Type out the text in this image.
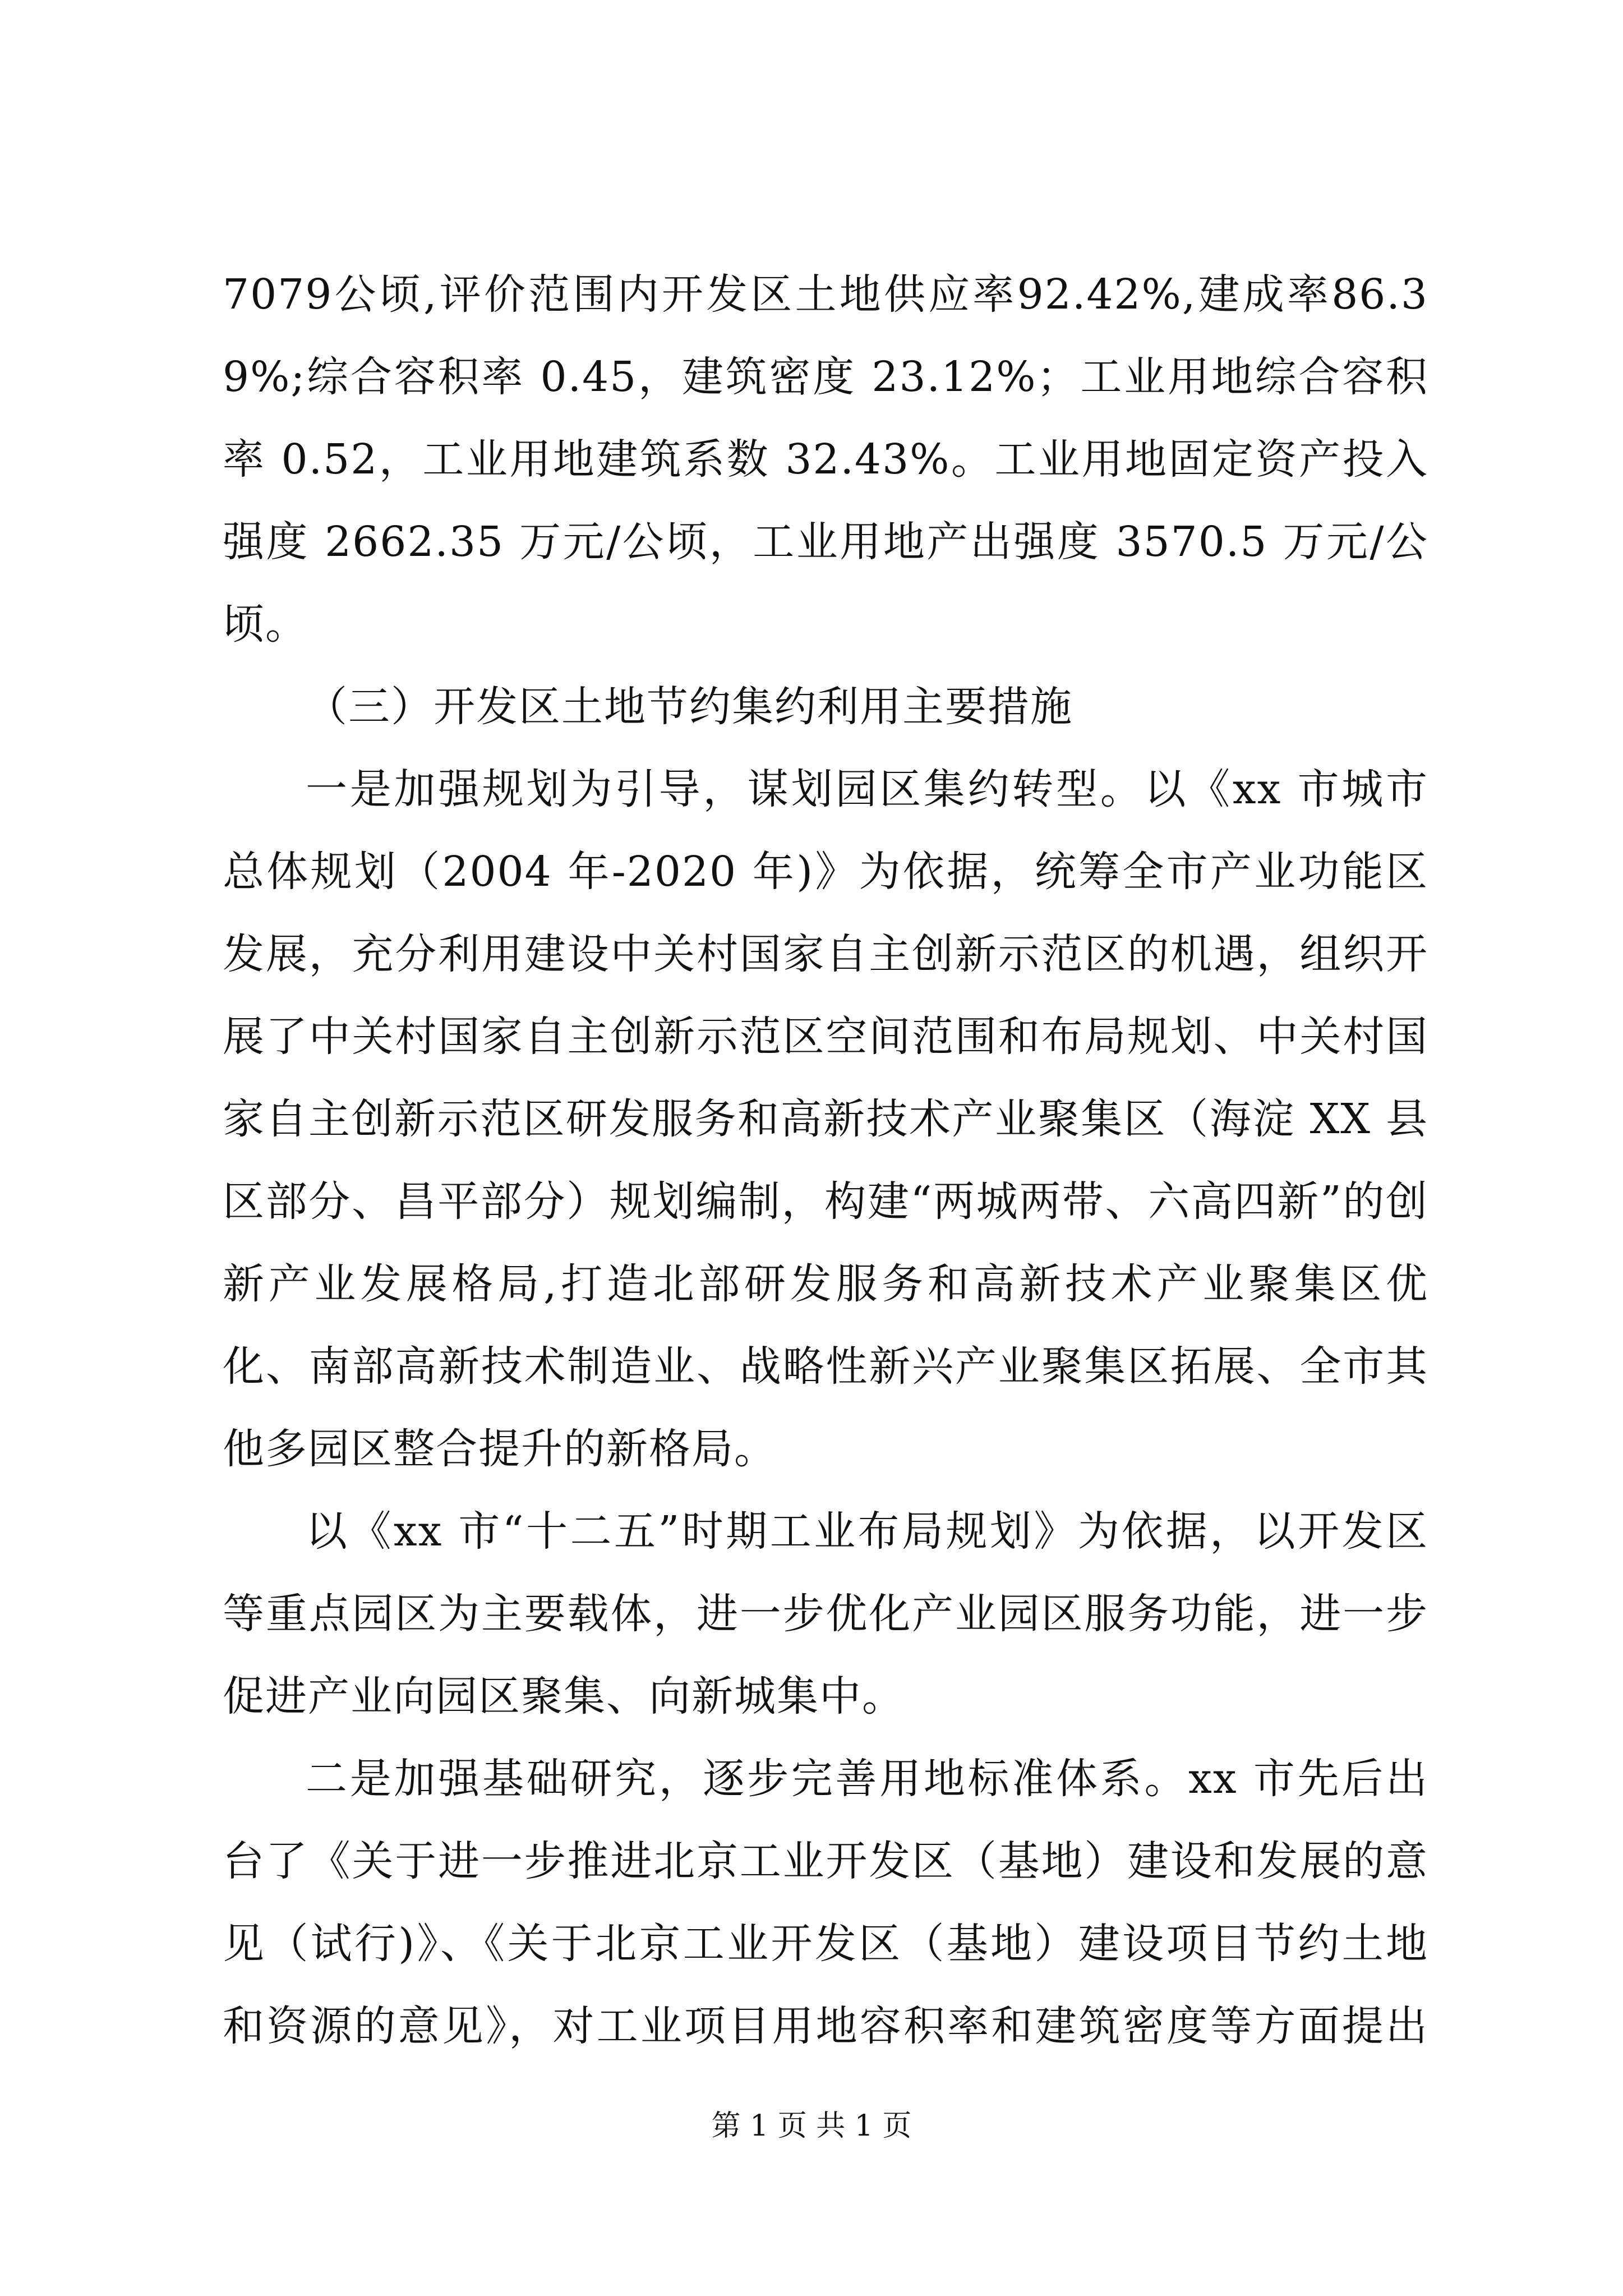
7079公顷,评价范围内开发区土地供应率92.42%,建成率86.39%;综合容积率 0.45，建筑密度 23.12%；工业用地综合容积率 0.52，工业用地建筑系数 32.43%。工业用地固定资产投入强度 2662.35 万元/公顷，工业用地产出强度 3570.5 万元/公顷。

（三）开发区土地节约集约利用主要措施

一是加强规划为引导，谋划园区集约转型。以《xx 市城市总体规划（2004 年-2020 年)》为依据，统筹全市产业功能区发展，充分利用建设中关村国家自主创新示范区的机遇，组织开展了中关村国家自主创新示范区空间范围和布局规划、中关村国家自主创新示范区研发服务和高新技术产业聚集区（海淀 XX 县区部分、昌平部分）规划编制，构建“两城两带、六高四新”的创新产业发展格局,打造北部研发服务和高新技术产业聚集区优化、南部高新技术制造业、战略性新兴产业聚集区拓展、全市其他多园区整合提升的新格局。

以《xx 市“十二五”时期工业布局规划》为依据，以开发区等重点园区为主要载体，进一步优化产业园区服务功能，进一步促进产业向园区聚集、向新城集中。

二是加强基础研究，逐步完善用地标准体系。xx 市先后出台了《关于进一步推进北京工业开发区（基地）建设和发展的意见（试行)》、《关于北京工业开发区（基地）建设项目节约土地和资源的意见》，对工业项目用地容积率和建筑密度等方面提出

第 1 页 共 1 页
